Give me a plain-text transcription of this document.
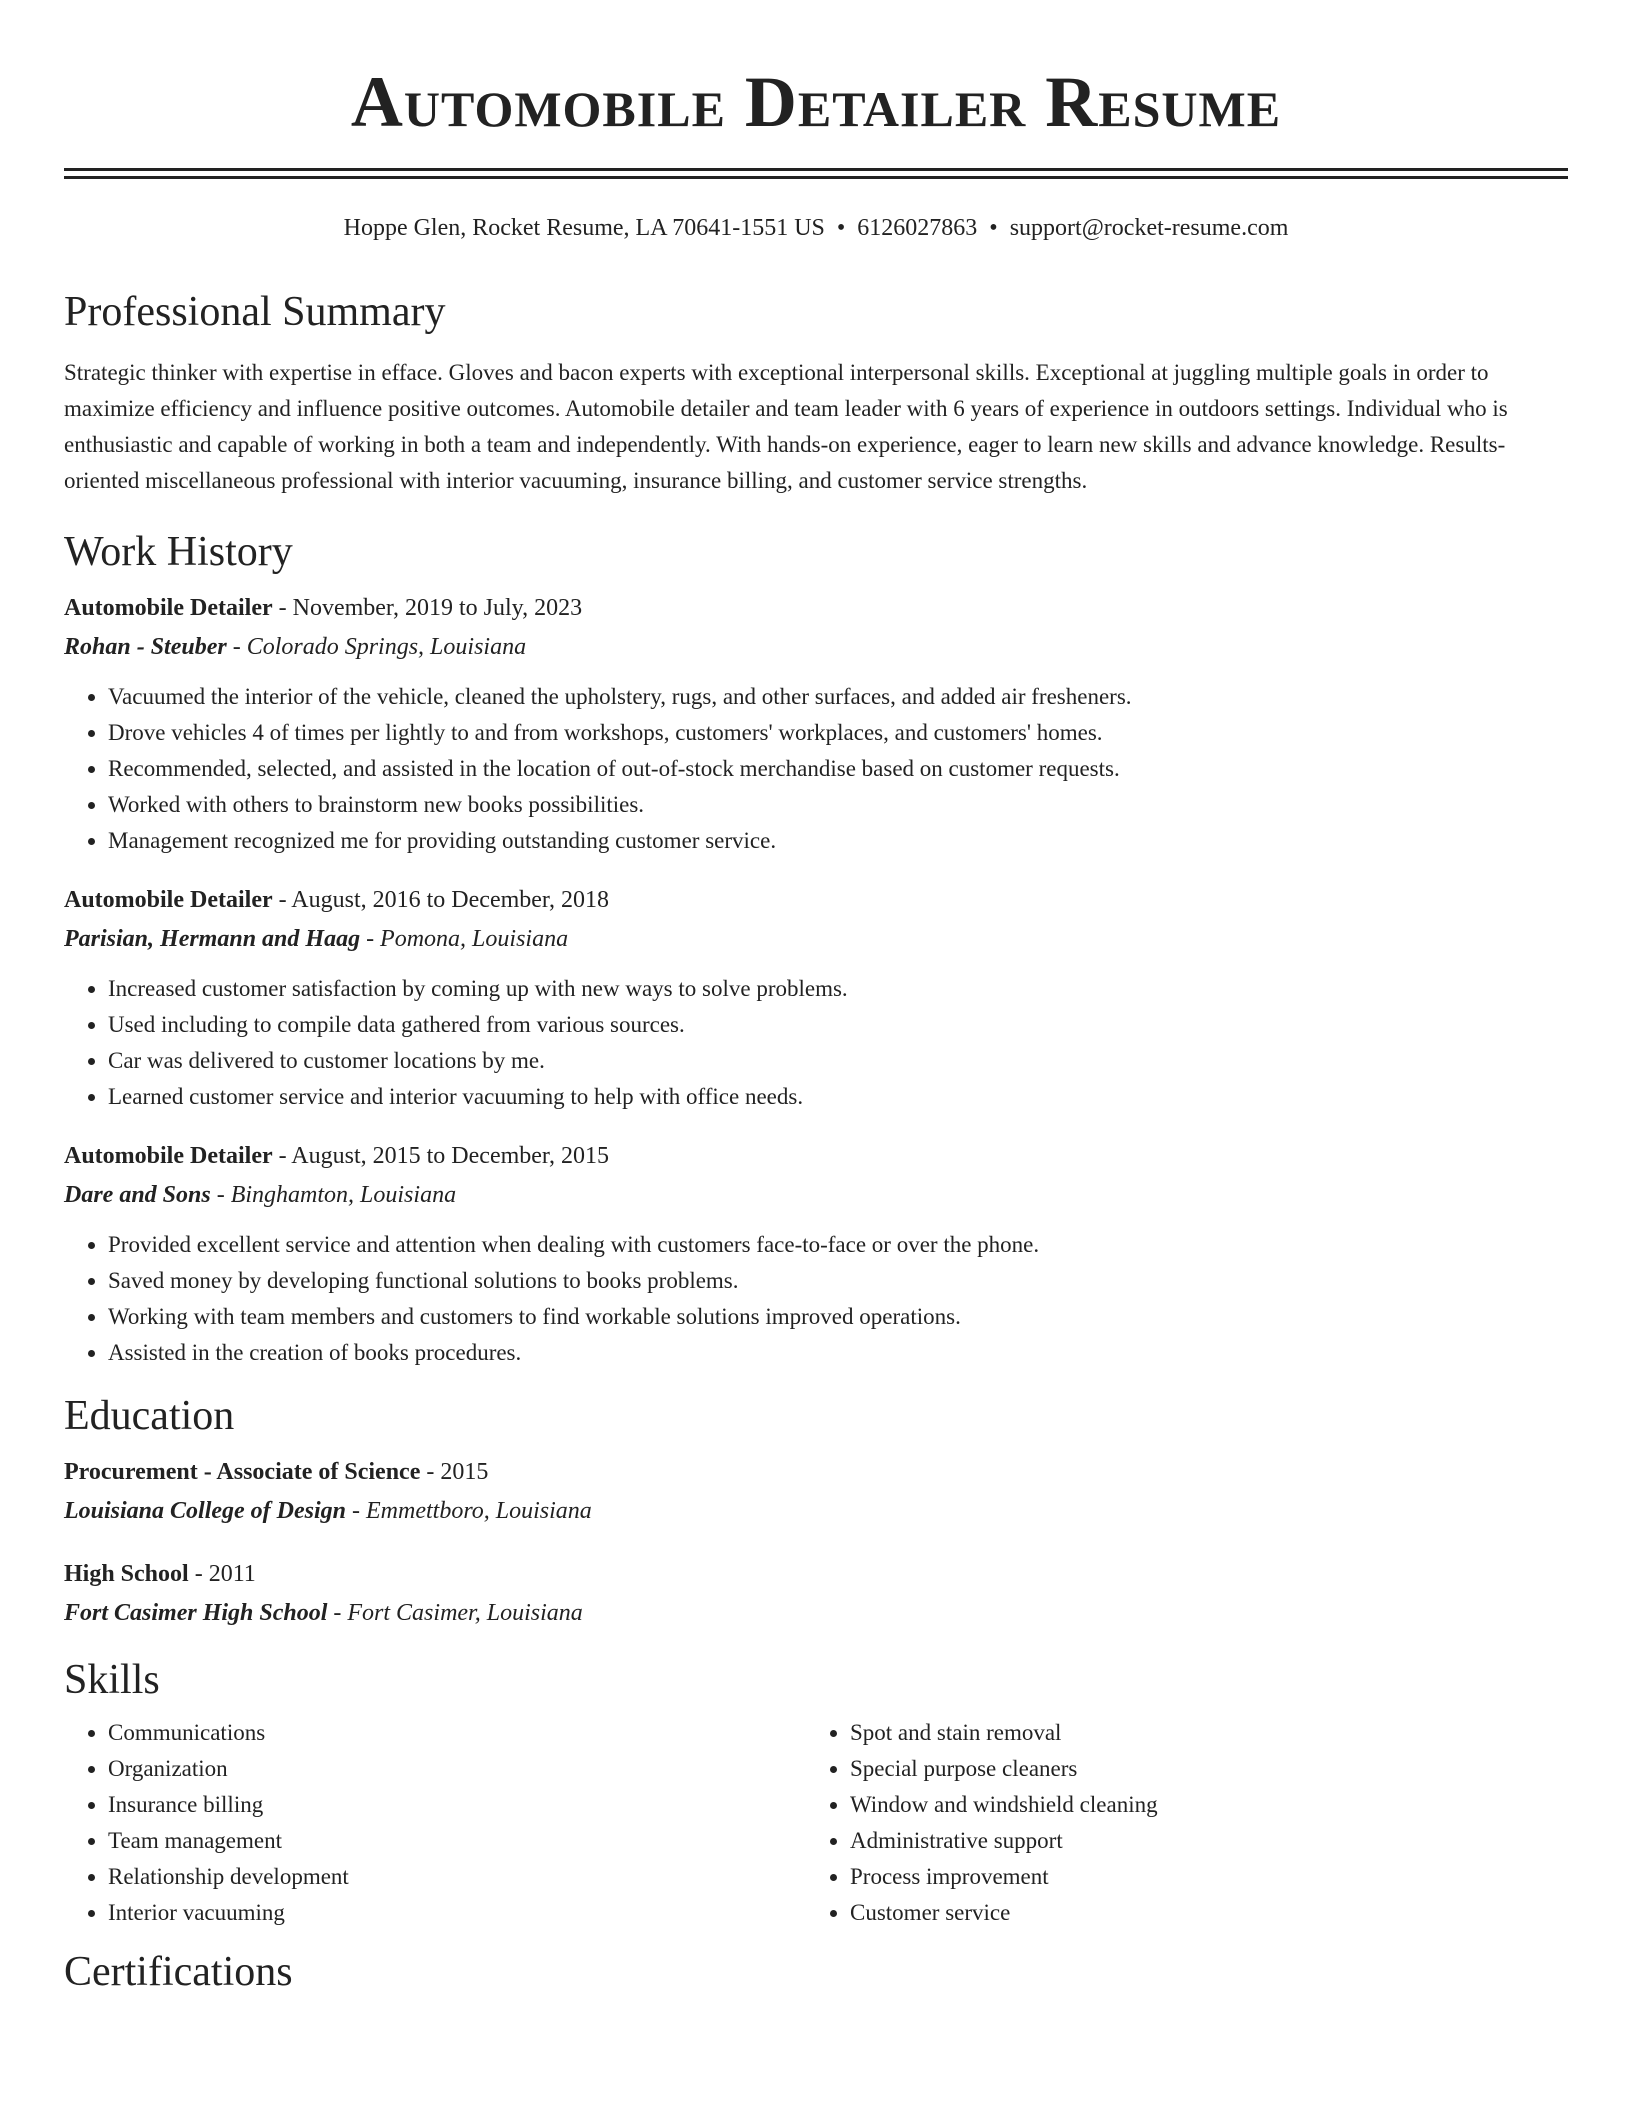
Automobile Detailer Resume
Hoppe Glen, Rocket Resume, LA 70641-1551 US • 6126027863 • support@rocket-resume.com
Professional Summary

Strategic thinker with expertise in efface. Gloves and bacon experts with exceptional interpersonal skills. Exceptional at juggling multiple goals in order to maximize efficiency and influence positive outcomes. Automobile detailer and team leader with 6 years of experience in outdoors settings. Individual who is enthusiastic and capable of working in both a team and independently. With hands-on experience, eager to learn new skills and advance knowledge. Results-oriented miscellaneous professional with interior vacuuming, insurance billing, and customer service strengths.

Work History
Automobile Detailer - November, 2019 to July, 2023
Rohan - Steuber - Colorado Springs, Louisiana
• Vacuumed the interior of the vehicle, cleaned the upholstery, rugs, and other surfaces, and added air fresheners.
• Drove vehicles 4 of times per lightly to and from workshops, customers' workplaces, and customers' homes.
• Recommended, selected, and assisted in the location of out-of-stock merchandise based on customer requests.
• Worked with others to brainstorm new books possibilities.
• Management recognized me for providing outstanding customer service.
Automobile Detailer - August, 2016 to December, 2018
Parisian, Hermann and Haag - Pomona, Louisiana
• Increased customer satisfaction by coming up with new ways to solve problems.
• Used including to compile data gathered from various sources.
• Car was delivered to customer locations by me.
• Learned customer service and interior vacuuming to help with office needs.
Automobile Detailer - August, 2015 to December, 2015
Dare and Sons - Binghamton, Louisiana
• Provided excellent service and attention when dealing with customers face-to-face or over the phone.
• Saved money by developing functional solutions to books problems.
• Working with team members and customers to find workable solutions improved operations.
• Assisted in the creation of books procedures.
Education
Procurement - Associate of Science - 2015
Louisiana College of Design - Emmettboro, Louisiana
High School - 2011
Fort Casimer High School - Fort Casimer, Louisiana
Skills
• Communications
• Organization
• Insurance billing
• Team management
• Relationship development
• Interior vacuuming
• Spot and stain removal
• Special purpose cleaners
• Window and windshield cleaning
• Administrative support
• Process improvement
• Customer service
Certifications
